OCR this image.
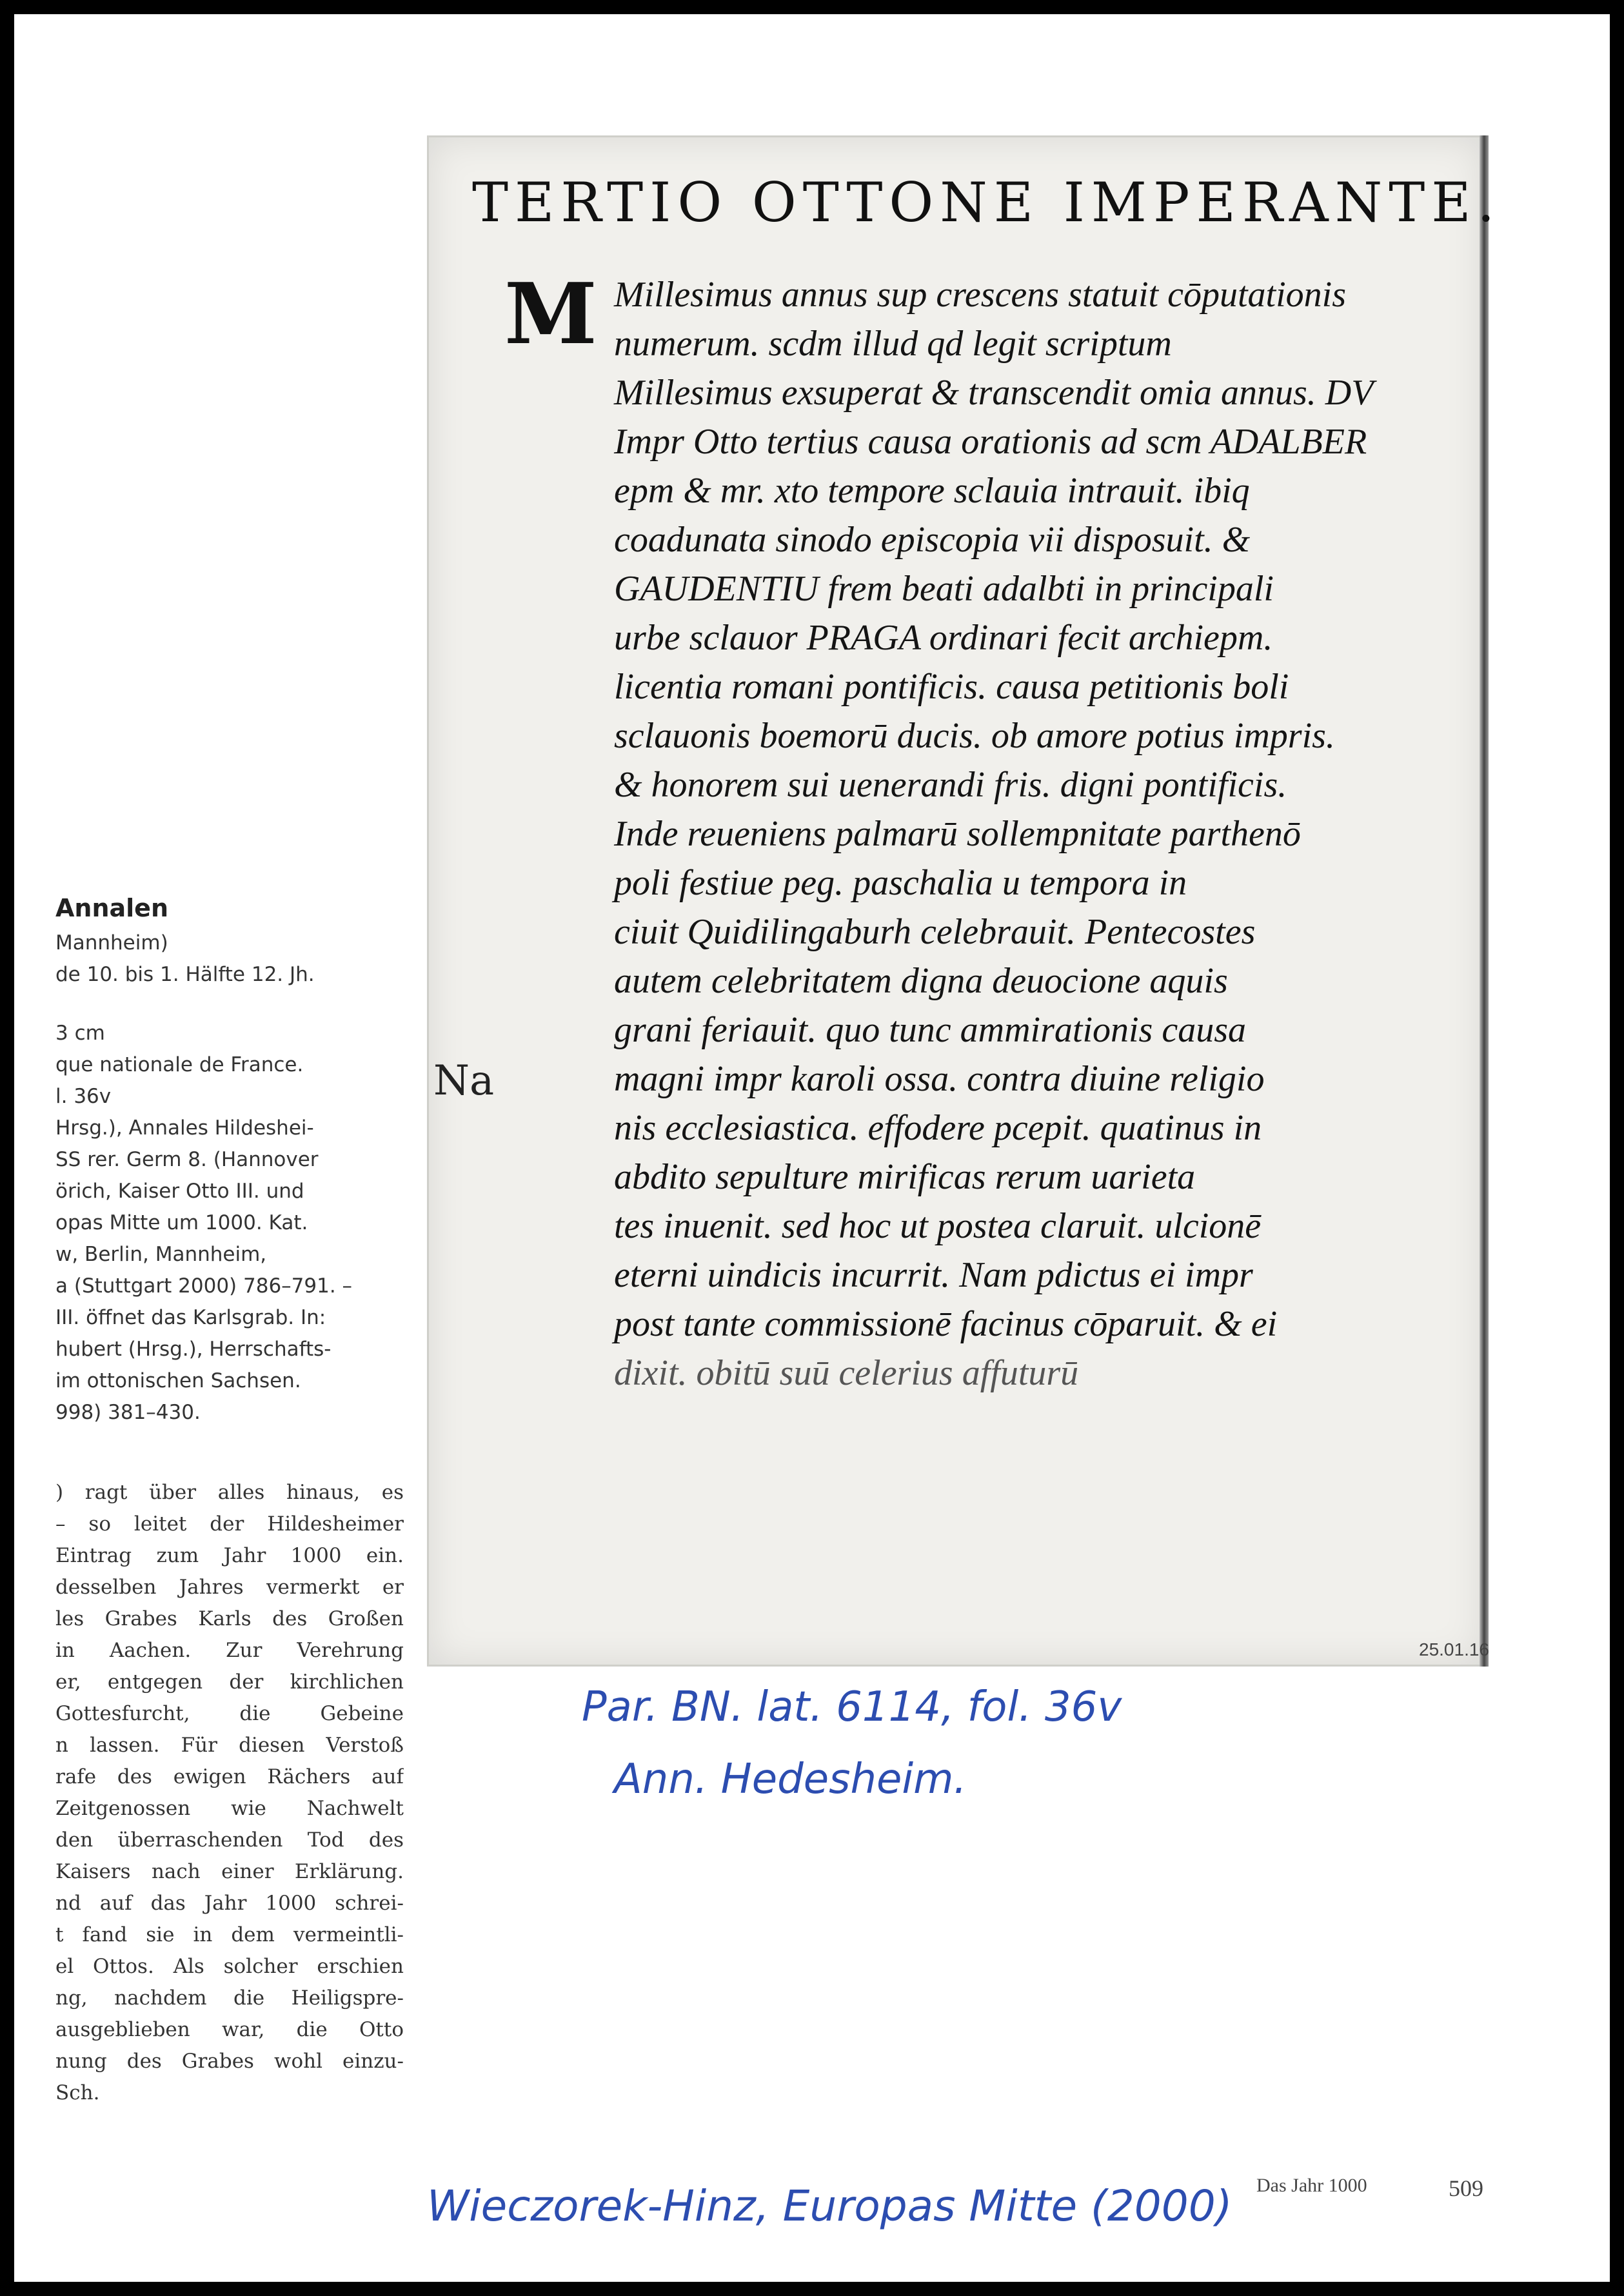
Annalen
Mannheim)
de 10. bis 1. Hälfte 12. Jh.
3 cm
que nationale de France.
l. 36v
Hrsg.), Annales Hildeshei-
SS rer. Germ 8. (Hannover
örich, Kaiser Otto III. und
opas Mitte um 1000. Kat.
w, Berlin, Mannheim,
a (Stuttgart 2000) 786–791. –
III. öffnet das Karlsgrab. In:
hubert (Hrsg.), Herrschafts-
im ottonischen Sachsen.
998) 381–430.
) ragt über alles hinaus, es
– so leitet der Hildesheimer
Eintrag zum Jahr 1000 ein.
desselben Jahres vermerkt er
les Grabes Karls des Großen
in Aachen. Zur Verehrung
er, entgegen der kirchlichen
Gottesfurcht, die Gebeine
n lassen. Für diesen Verstoß
rafe des ewigen Rächers auf
Zeitgenossen wie Nachwelt
den überraschenden Tod des
Kaisers nach einer Erklärung.
nd auf das Jahr 1000 schrei-
t fand sie in dem vermeintli-
el Ottos. Als solcher erschien
ng, nachdem die Heiligspre-
ausgeblieben war, die Otto
nung des Grabes wohl einzu-
Sch.
TERTIO OTTONE IMPERANTE.
M Millesimus annus sup crescens statuit cōputationis
numerum. scdm illud qd legit scriptum
Millesimus exsuperat & transcendit omia annus. DV
Impr Otto tertius causa orationis ad scm ADALBER
epm & mr. xto tempore sclauia intrauit. ibiq
coadunata sinodo episcopia vii disposuit. &
GAUDENTIU frem beati adalbti in principali
urbe sclauor PRAGA ordinari fecit archiepm.
licentia romani pontificis. causa petitionis boli
sclauonis boemorū ducis. ob amore potius impris.
& honorem sui uenerandi fris. digni pontificis.
Inde reueniens palmarū sollempnitate parthenō
poli festiue peg. paschalia u tempora in
ciuit Quidilingaburh celebrauit. Pentecostes
autem celebritatem digna deuocione aquis
grani feriauit. quo tunc ammirationis causa
magni impr karoli ossa. contra diuine religio
nis ecclesiastica. effodere pcepit. quatinus in
abdito sepulture mirificas rerum uarieta
tes inuenit. sed hoc ut postea claruit. ulcionē
eterni uindicis incurrit. Nam pdictus ei impr
post tante commissionē facinus cōparuit. & ei
dixit. obitū suū celerius affuturū
Na
25.01.16
Par. BN. lat. 6114, fol. 36v
Ann. Hedesheim.
Wieczorek-Hinz, Europas Mitte (2000) Das Jahr 1000	509
